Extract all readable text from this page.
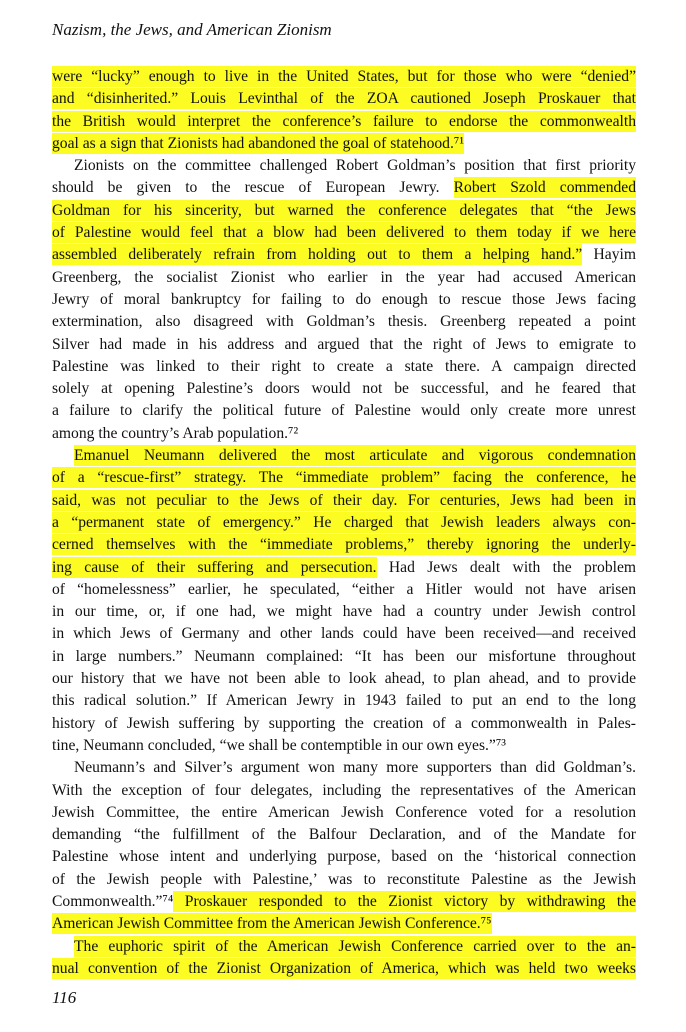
Nazism, the Jews, and American Zionism
were “lucky” enough to live in the United States, but for those who were “denied”
and “disinherited.” Louis Levinthal of the ZOA cautioned Joseph Proskauer that
the British would interpret the conference’s failure to endorse the commonwealth
goal as a sign that Zionists had abandoned the goal of statehood.⁷¹
Zionists on the committee challenged Robert Goldman’s position that first priority
should be given to the rescue of European Jewry. Robert Szold commended
Goldman for his sincerity, but warned the conference delegates that “the Jews
of Palestine would feel that a blow had been delivered to them today if we here
assembled deliberately refrain from holding out to them a helping hand.” Hayim
Greenberg, the socialist Zionist who earlier in the year had accused American
Jewry of moral bankruptcy for failing to do enough to rescue those Jews facing
extermination, also disagreed with Goldman’s thesis. Greenberg repeated a point
Silver had made in his address and argued that the right of Jews to emigrate to
Palestine was linked to their right to create a state there. A campaign directed
solely at opening Palestine’s doors would not be successful, and he feared that
a failure to clarify the political future of Palestine would only create more unrest
among the country’s Arab population.⁷²
Emanuel Neumann delivered the most articulate and vigorous condemnation
of a “rescue-first” strategy. The “immediate problem” facing the conference, he
said, was not peculiar to the Jews of their day. For centuries, Jews had been in
a “permanent state of emergency.” He charged that Jewish leaders always con-
cerned themselves with the “immediate problems,” thereby ignoring the underly-
ing cause of their suffering and persecution. Had Jews dealt with the problem
of “homelessness” earlier, he speculated, “either a Hitler would not have arisen
in our time, or, if one had, we might have had a country under Jewish control
in which Jews of Germany and other lands could have been received—and received
in large numbers.” Neumann complained: “It has been our misfortune throughout
our history that we have not been able to look ahead, to plan ahead, and to provide
this radical solution.” If American Jewry in 1943 failed to put an end to the long
history of Jewish suffering by supporting the creation of a commonwealth in Pales-
tine, Neumann concluded, “we shall be contemptible in our own eyes.”⁷³
Neumann’s and Silver’s argument won many more supporters than did Goldman’s.
With the exception of four delegates, including the representatives of the American
Jewish Committee, the entire American Jewish Conference voted for a resolution
demanding “the fulfillment of the Balfour Declaration, and of the Mandate for
Palestine whose intent and underlying purpose, based on the ‘historical connection
of the Jewish people with Palestine,’ was to reconstitute Palestine as the Jewish
Commonwealth.”⁷⁴ Proskauer responded to the Zionist victory by withdrawing the
American Jewish Committee from the American Jewish Conference.⁷⁵
The euphoric spirit of the American Jewish Conference carried over to the an-
nual convention of the Zionist Organization of America, which was held two weeks
116
